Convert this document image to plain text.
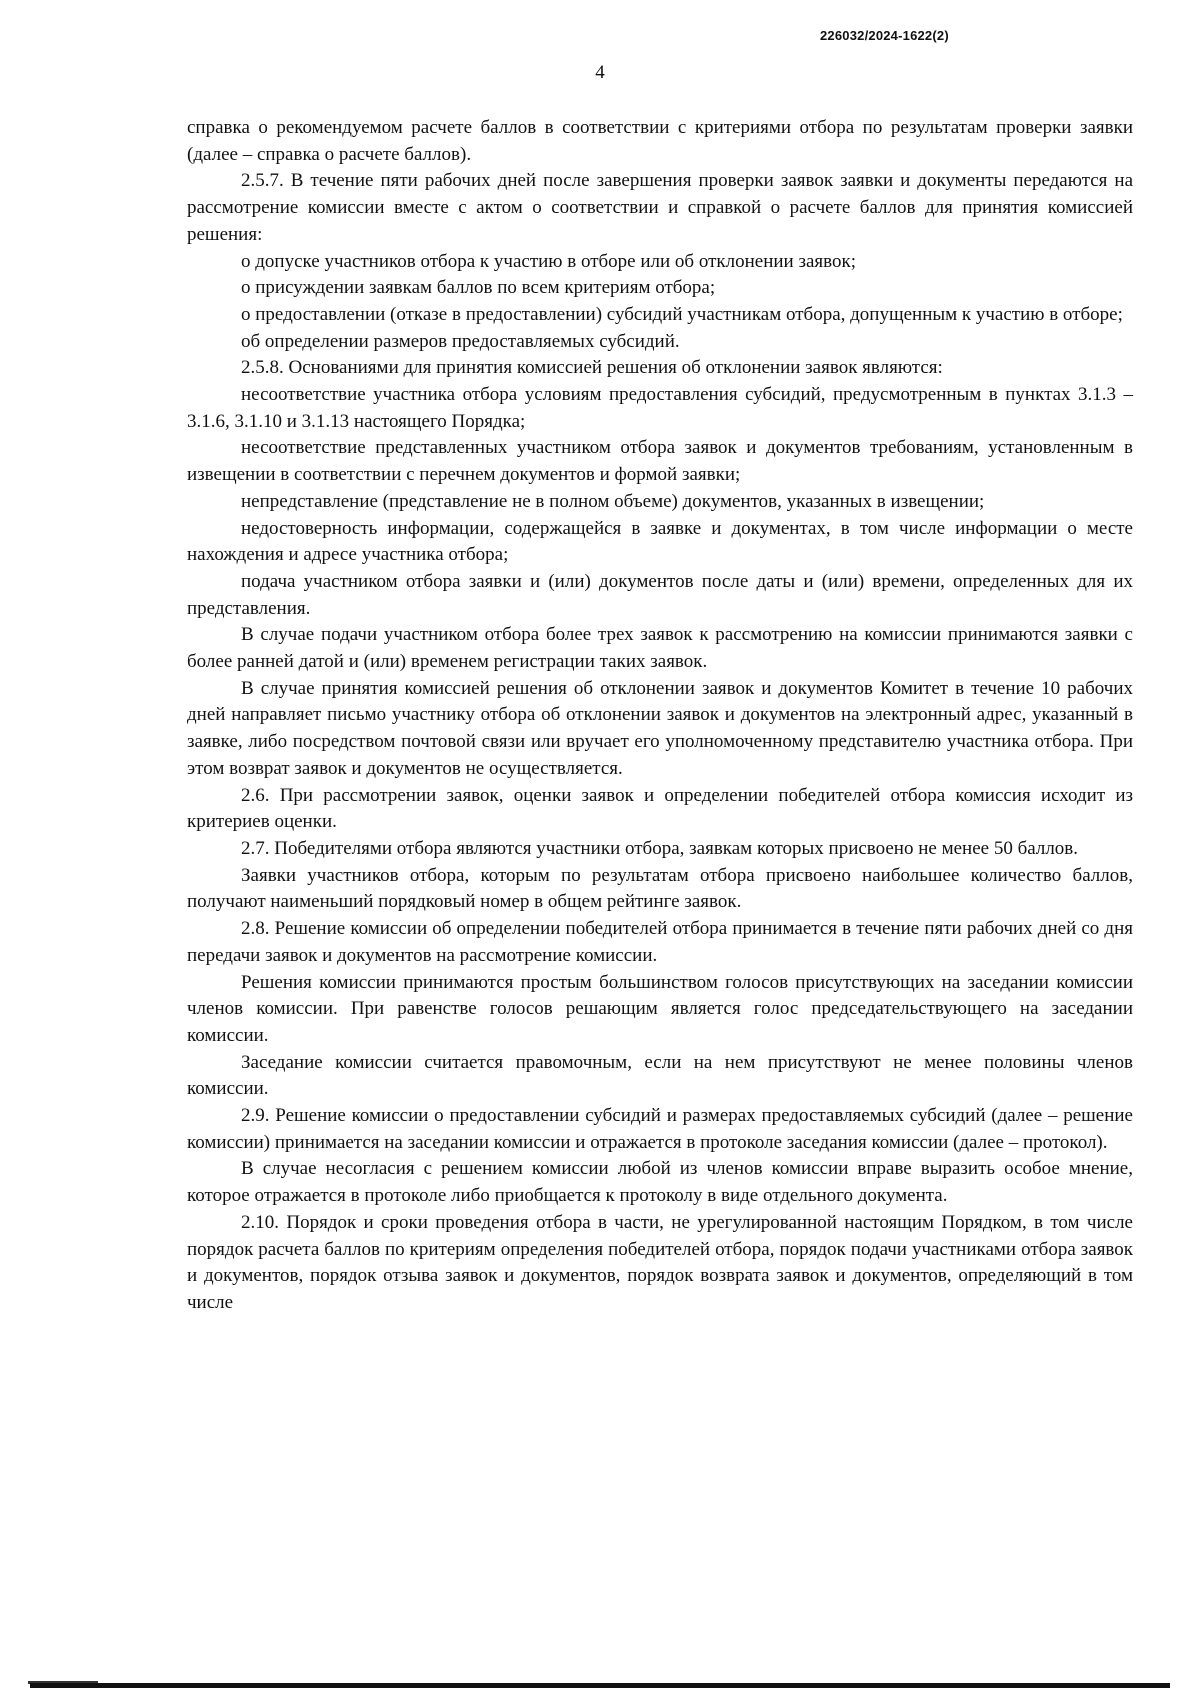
226032/2024-1622(2)
4

справка о рекомендуемом расчете баллов в соответствии с критериями отбора по результатам проверки заявки (далее – справка о расчете баллов).

2.5.7. В течение пяти рабочих дней после завершения проверки заявок заявки и документы передаются на рассмотрение комиссии вместе с актом о соответствии и справкой о расчете баллов для принятия комиссией решения:

о допуске участников отбора к участию в отборе или об отклонении заявок;

о присуждении заявкам баллов по всем критериям отбора;

о предоставлении (отказе в предоставлении) субсидий участникам отбора, допущенным к участию в отборе;

об определении размеров предоставляемых субсидий.

2.5.8. Основаниями для принятия комиссией решения об отклонении заявок являются:

несоответствие участника отбора условиям предоставления субсидий, предусмотренным в пунктах 3.1.3 – 3.1.6, 3.1.10 и 3.1.13 настоящего Порядка;

несоответствие представленных участником отбора заявок и документов требованиям, установленным в извещении в соответствии с перечнем документов и формой заявки;

непредставление (представление не в полном объеме) документов, указанных в извещении;

недостоверность информации, содержащейся в заявке и документах, в том числе информации о месте нахождения и адресе участника отбора;

подача участником отбора заявки и (или) документов после даты и (или) времени, определенных для их представления.

В случае подачи участником отбора более трех заявок к рассмотрению на комиссии принимаются заявки с более ранней датой и (или) временем регистрации таких заявок.

В случае принятия комиссией решения об отклонении заявок и документов Комитет в течение 10 рабочих дней направляет письмо участнику отбора об отклонении заявок и документов на электронный адрес, указанный в заявке, либо посредством почтовой связи или вручает его уполномоченному представителю участника отбора. При этом возврат заявок и документов не осуществляется.

2.6. При рассмотрении заявок, оценки заявок и определении победителей отбора комиссия исходит из критериев оценки.

2.7. Победителями отбора являются участники отбора, заявкам которых присвоено не менее 50 баллов.

Заявки участников отбора, которым по результатам отбора присвоено наибольшее количество баллов, получают наименьший порядковый номер в общем рейтинге заявок.

2.8. Решение комиссии об определении победителей отбора принимается в течение пяти рабочих дней со дня передачи заявок и документов на рассмотрение комиссии.

Решения комиссии принимаются простым большинством голосов присутствующих на заседании комиссии членов комиссии. При равенстве голосов решающим является голос председательствующего на заседании комиссии.

Заседание комиссии считается правомочным, если на нем присутствуют не менее половины членов комиссии.

2.9. Решение комиссии о предоставлении субсидий и размерах предоставляемых субсидий (далее – решение комиссии) принимается на заседании комиссии и отражается в протоколе заседания комиссии (далее – протокол).

В случае несогласия с решением комиссии любой из членов комиссии вправе выразить особое мнение, которое отражается в протоколе либо приобщается к протоколу в виде отдельного документа.

2.10. Порядок и сроки проведения отбора в части, не урегулированной настоящим Порядком, в том числе порядок расчета баллов по критериям определения победителей отбора, порядок подачи участниками отбора заявок и документов, порядок отзыва заявок и документов, порядок возврата заявок и документов, определяющий в том числе
